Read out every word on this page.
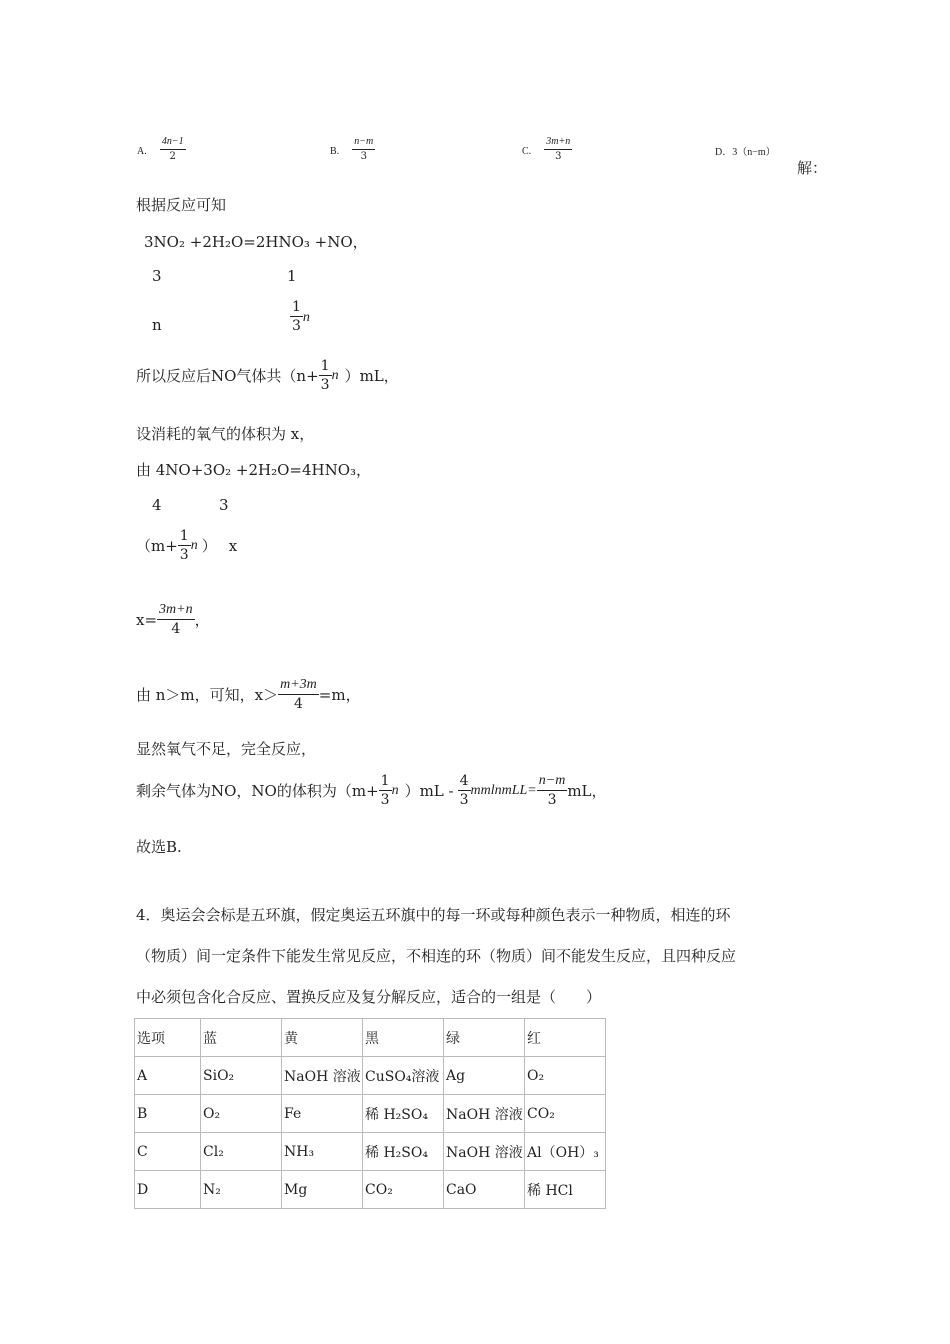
A. $\frac{4n-1}{2}$	B. $\frac{n-m}{3}$	C. $\frac{3m+n}{3}$	D．3（n−m）
解：
根据反应可知
3NO₂ +2H₂O=2HNO₃ +NO，
3	1
n	$\frac{1}{3}$ n
所以反应后NO气体共（$n+ \frac{1}{3}$ n ）mL，
设消耗的氧气的体积为 x，
由 4NO+3O₂ +2H₂O=4HNO₃，
4	3
（$m+ \frac{1}{3}$ n ） x
$x= \frac{3m+n}{4}$ ，
由 n＞m，可知，$x> \frac{m+3m}{4} =m$，
显然氧气不足，完全反应，
剩余气体为NO，NO的体积为（$m+ \frac{1}{3}$ n ）$mL - \frac{4}{3}$ mmlnmLL= $\frac{n-m}{3}$ mL，
故选B.
4．奥运会会标是五环旗，假定奥运五环旗中的每一环或每种颜色表示一种物质，相连的环
（物质）间一定条件下能发生常见反应，不相连的环（物质）间不能发生反应，且四种反应
中必须包含化合反应、置换反应及复分解反应，适合的一组是（　　）
选项	蓝	黄	黑	绿	红
A	SiO₂	NaOH 溶液	CuSO₄溶液	Ag	O₂
B	O₂	Fe	稀 H₂SO₄	NaOH 溶液	CO₂
C	Cl₂	NH₃	稀 H₂SO₄	NaOH 溶液	Al（OH）₃
D	N₂	Mg	CO₂	CaO	稀 HCl
